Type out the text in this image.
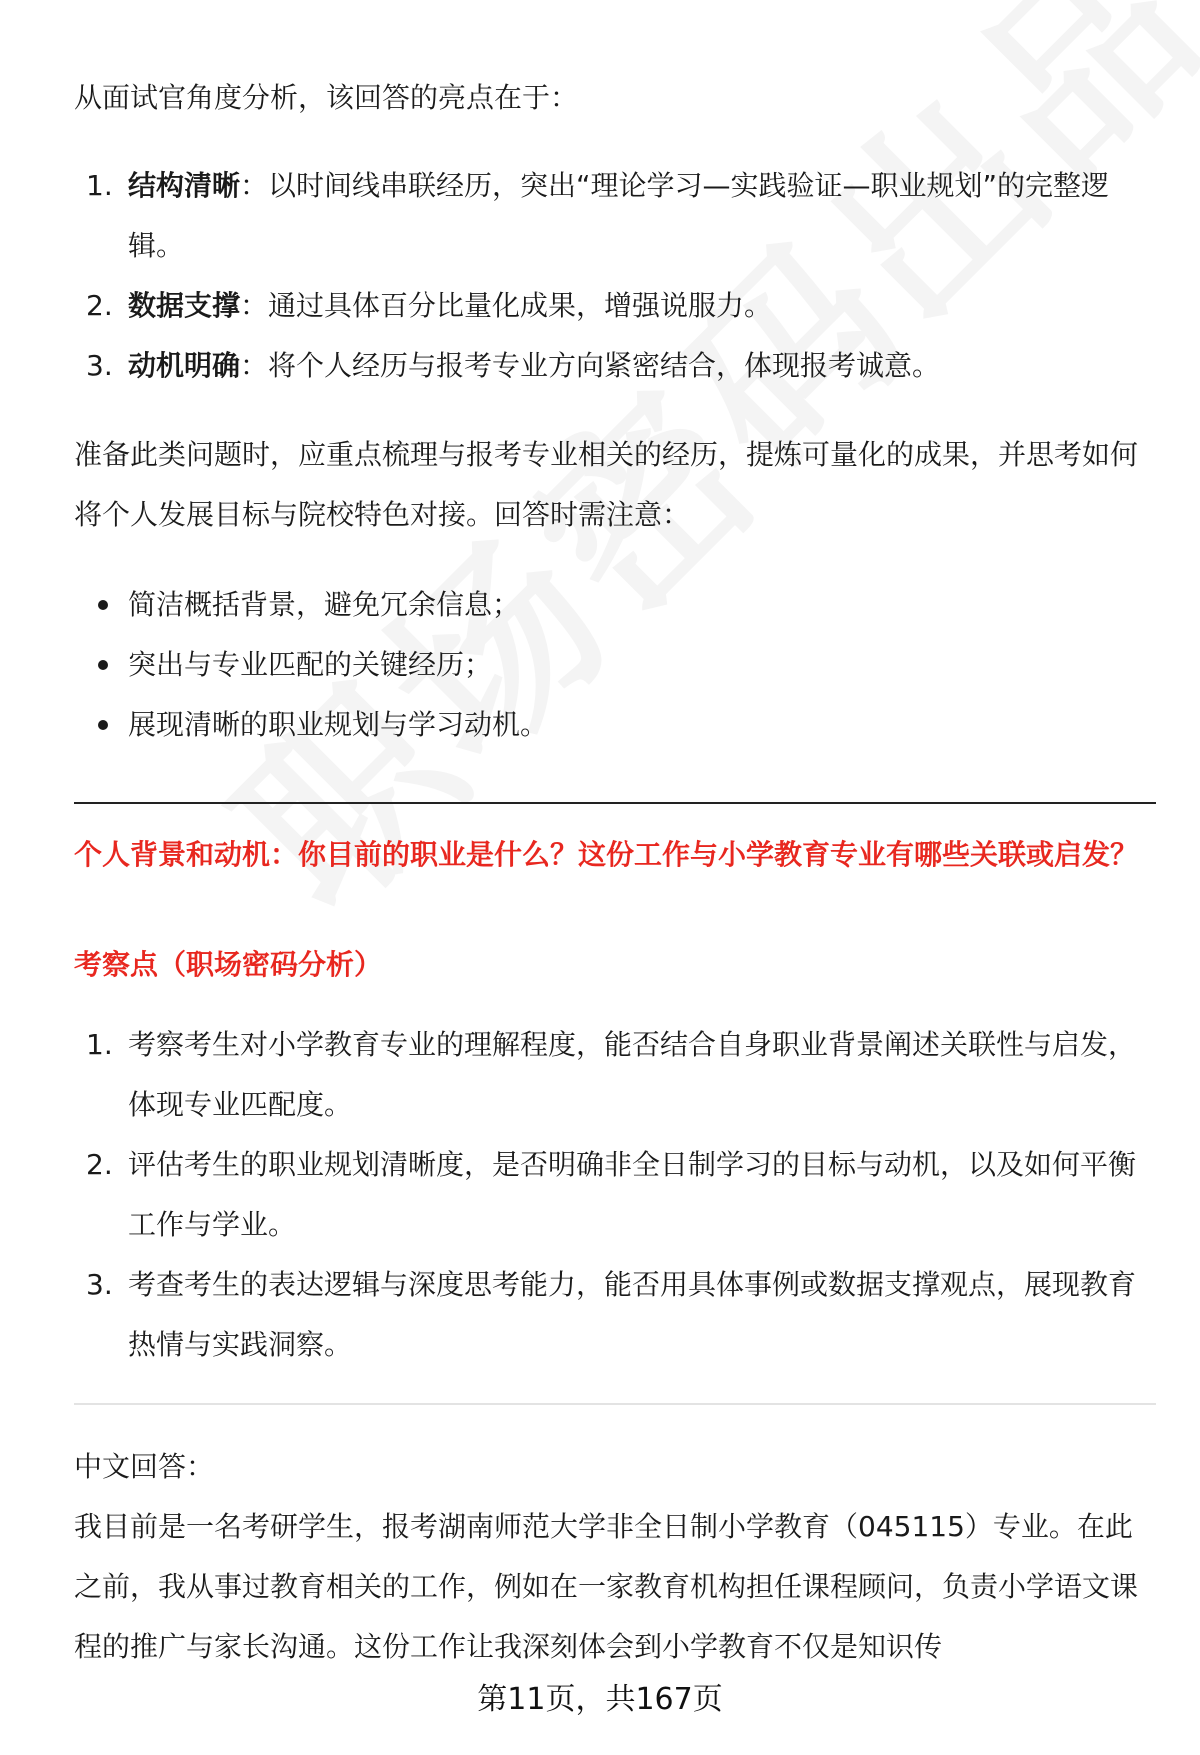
从面试官角度分析，该回答的亮点在于：
1. 结构清晰：以时间线串联经历，突出“理论学习—实践验证—职业规划”的完整逻辑。
2. 数据支撑：通过具体百分比量化成果，增强说服力。
3. 动机明确：将个人经历与报考专业方向紧密结合，体现报考诚意。
准备此类问题时，应重点梳理与报考专业相关的经历，提炼可量化的成果，并思考如何将个人发展目标与院校特色对接。回答时需注意：
简洁概括背景，避免冗余信息；
突出与专业匹配的关键经历；
展现清晰的职业规划与学习动机。
个人背景和动机：你目前的职业是什么？这份工作与小学教育专业有哪些关联或启发？
考察点（职场密码分析）
1. 考察考生对小学教育专业的理解程度，能否结合自身职业背景阐述关联性与启发，体现专业匹配度。
2. 评估考生的职业规划清晰度，是否明确非全日制学习的目标与动机，以及如何平衡工作与学业。
3. 考查考生的表达逻辑与深度思考能力，能否用具体事例或数据支撑观点，展现教育热情与实践洞察。
中文回答：
我目前是一名考研学生，报考湖南师范大学非全日制小学教育（045115）专业。在此之前，我从事过教育相关的工作，例如在一家教育机构担任课程顾问，负责小学语文课程的推广与家长沟通。这份工作让我深刻体会到小学教育不仅是知识传
第11页，共167页
